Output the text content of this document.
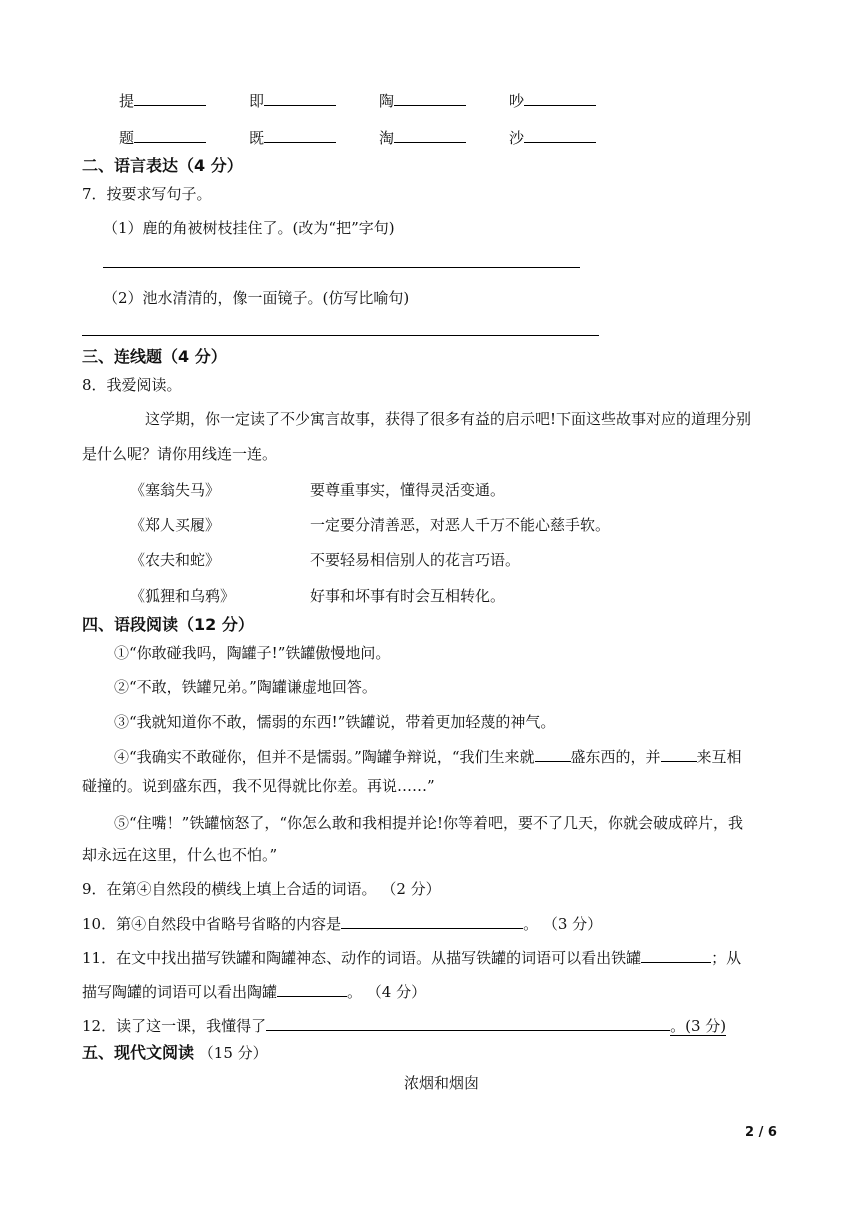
提	即	陶	吵
题	既	淘	沙
二、语言表达（4 分）
7．按要求写句子。
（1）鹿的角被树枝挂住了。(改为“把”字句)
（2）池水清清的，像一面镜子。(仿写比喻句)
三、连线题（4 分）
8．我爱阅读。
这学期，你一定读了不少寓言故事，获得了很多有益的启示吧!下面这些故事对应的道理分别
是什么呢？请你用线连一连。
《塞翁失马》	要尊重事实，懂得灵活变通。
《郑人买履》	一定要分清善恶，对恶人千万不能心慈手软。
《农夫和蛇》	不要轻易相信别人的花言巧语。
《狐狸和乌鸦》	好事和坏事有时会互相转化。
四、语段阅读（12 分）
①“你敢碰我吗，陶罐子!”铁罐傲慢地问。
②“不敢，铁罐兄弟。”陶罐谦虚地回答。
③“我就知道你不敢，懦弱的东西!”铁罐说，带着更加轻蔑的神气。
④“我确实不敢碰你，但并不是懦弱。”陶罐争辩说，“我们生来就 盛东西的，并 来互相
碰撞的。说到盛东西，我不见得就比你差。再说……”
⑤“住嘴！”铁罐恼怒了，“你怎么敢和我相提并论!你等着吧，要不了几天，你就会破成碎片，我
却永远在这里，什么也不怕。”
9．在第④自然段的横线上填上合适的词语。 （2 分）
10．第④自然段中省略号省略的内容是	。 （3 分）
11．在文中找出描写铁罐和陶罐神态、动作的词语。从描写铁罐的词语可以看出铁罐	；从
描写陶罐的词语可以看出陶罐	。 （4 分）
12．读了这一课，我懂得了	。(3 分)
五、现代文阅读 （15 分）
浓烟和烟囱
2 / 6
